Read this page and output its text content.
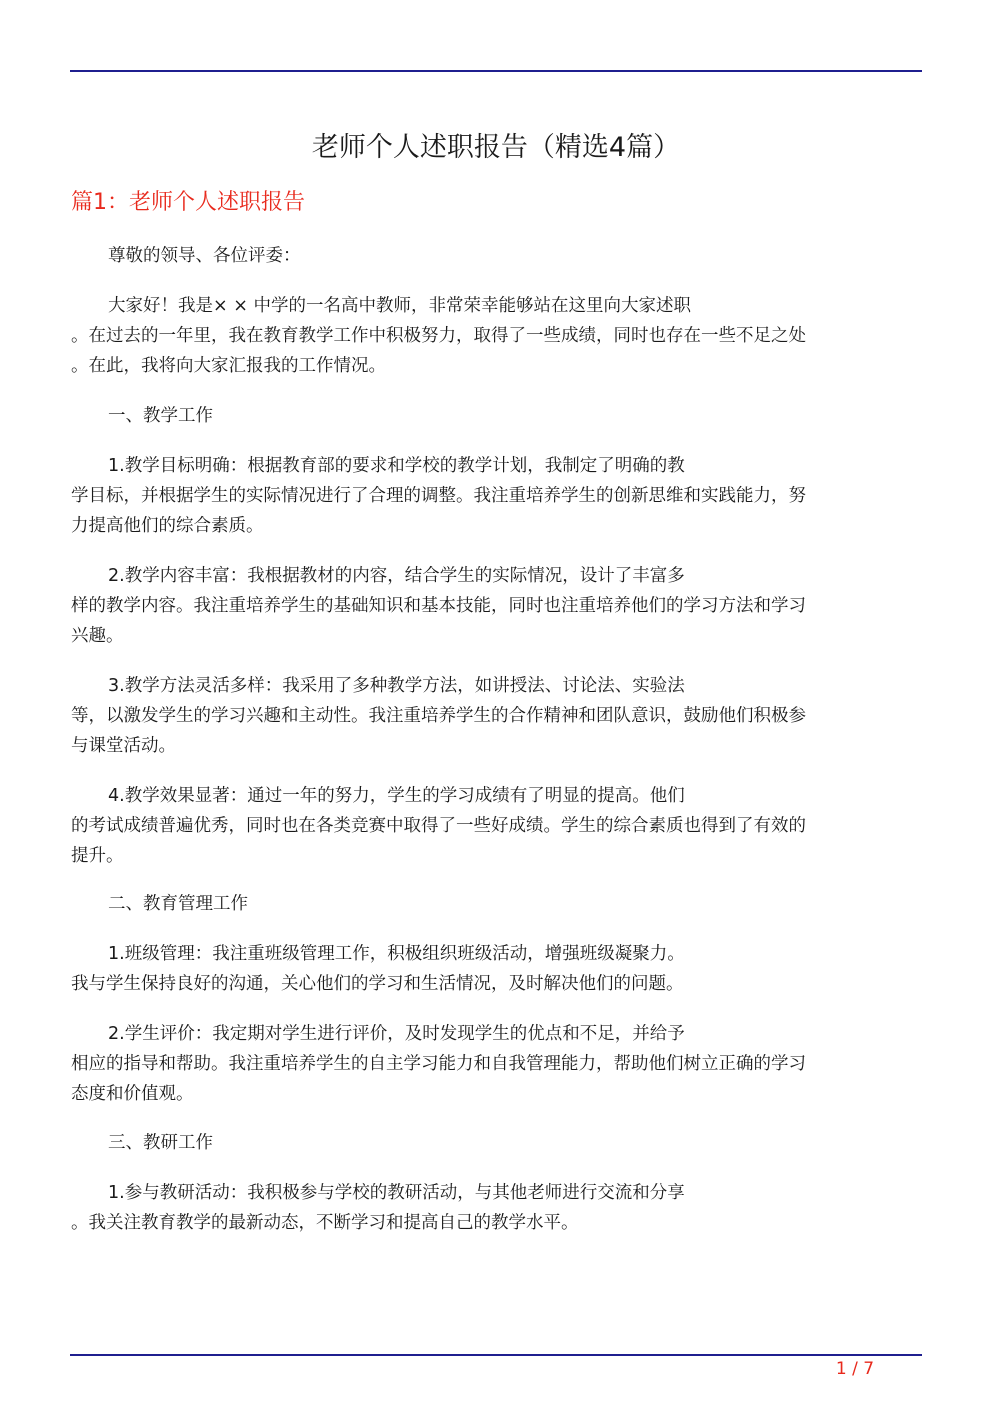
老师个人述职报告（精选4篇）
篇1：老师个人述职报告
尊敬的领导、各位评委：
大家好！我是× × 中学的一名高中教师，非常荣幸能够站在这里向大家述职
。在过去的一年里，我在教育教学工作中积极努力，取得了一些成绩，同时也存在一些不足之处
。在此，我将向大家汇报我的工作情况。
一、教学工作
1.教学目标明确：根据教育部的要求和学校的教学计划，我制定了明确的教
学目标，并根据学生的实际情况进行了合理的调整。我注重培养学生的创新思维和实践能力，努
力提高他们的综合素质。
2.教学内容丰富：我根据教材的内容，结合学生的实际情况，设计了丰富多
样的教学内容。我注重培养学生的基础知识和基本技能，同时也注重培养他们的学习方法和学习
兴趣。
3.教学方法灵活多样：我采用了多种教学方法，如讲授法、讨论法、实验法
等，以激发学生的学习兴趣和主动性。我注重培养学生的合作精神和团队意识，鼓励他们积极参
与课堂活动。
4.教学效果显著：通过一年的努力，学生的学习成绩有了明显的提高。他们
的考试成绩普遍优秀，同时也在各类竞赛中取得了一些好成绩。学生的综合素质也得到了有效的
提升。
二、教育管理工作
1.班级管理：我注重班级管理工作，积极组织班级活动，增强班级凝聚力。
我与学生保持良好的沟通，关心他们的学习和生活情况，及时解决他们的问题。
2.学生评价：我定期对学生进行评价，及时发现学生的优点和不足，并给予
相应的指导和帮助。我注重培养学生的自主学习能力和自我管理能力，帮助他们树立正确的学习
态度和价值观。
三、教研工作
1.参与教研活动：我积极参与学校的教研活动，与其他老师进行交流和分享
。我关注教育教学的最新动态，不断学习和提高自己的教学水平。
1 / 7
